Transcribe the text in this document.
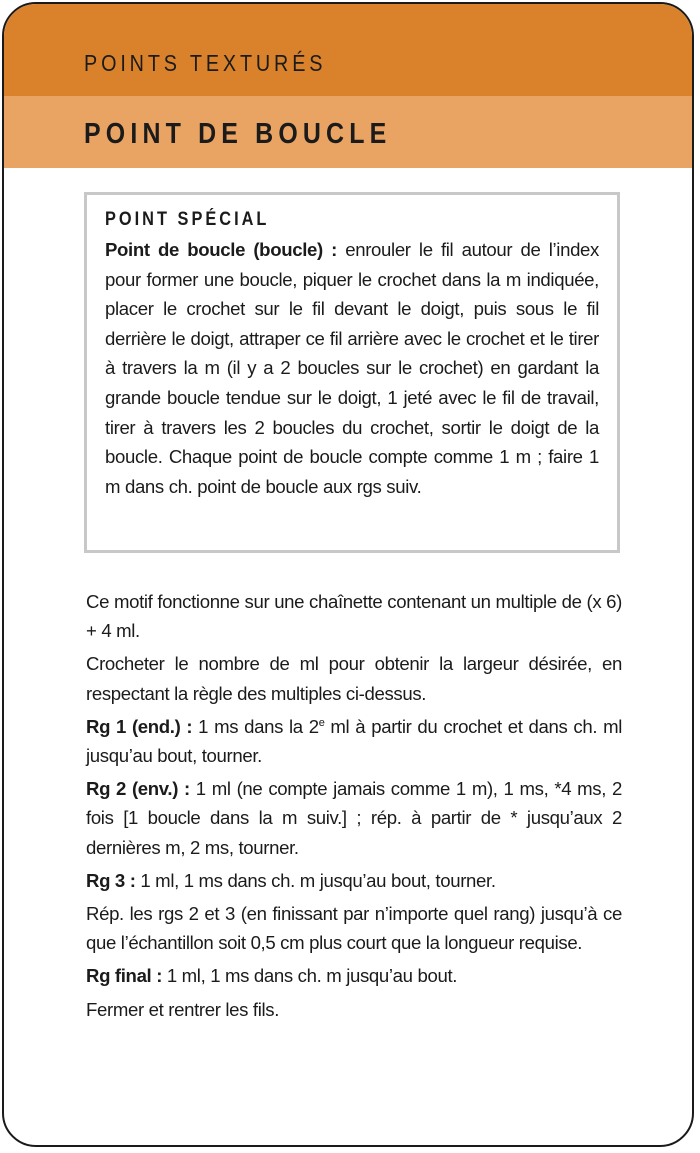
POINTS TEXTURÉS
POINT DE BOUCLE
POINT SPÉCIAL

Point de boucle (boucle) : enrouler le fil autour de l’index pour former une boucle, piquer le crochet dans la m indiquée, placer le crochet sur le fil devant le doigt, puis sous le fil derrière le doigt, attraper ce fil arrière avec le crochet et le tirer à travers la m (il y a 2 boucles sur le crochet) en gardant la grande boucle tendue sur le doigt, 1 jeté avec le fil de travail, tirer à travers les 2 boucles du crochet, sortir le doigt de la boucle. Chaque point de boucle compte comme 1 m ; faire 1 m dans ch. point de boucle aux rgs suiv.

Ce motif fonctionne sur une chaînette contenant un multiple de (x 6) + 4 ml.

Crocheter le nombre de ml pour obtenir la largeur désirée, en respectant la règle des multiples ci-dessus.

Rg 1 (end.) : 1 ms dans la 2e ml à partir du crochet et dans ch. ml jusqu’au bout, tourner.

Rg 2 (env.) : 1 ml (ne compte jamais comme 1 m), 1 ms, *4 ms, 2 fois [1 boucle dans la m suiv.] ; rép. à partir de * jusqu’aux 2 dernières m, 2 ms, tourner.

Rg 3 : 1 ml, 1 ms dans ch. m jusqu’au bout, tourner.

Rép. les rgs 2 et 3 (en finissant par n’importe quel rang) jusqu’à ce que l’échantillon soit 0,5 cm plus court que la longueur requise.

Rg final : 1 ml, 1 ms dans ch. m jusqu’au bout.

Fermer et rentrer les fils.
